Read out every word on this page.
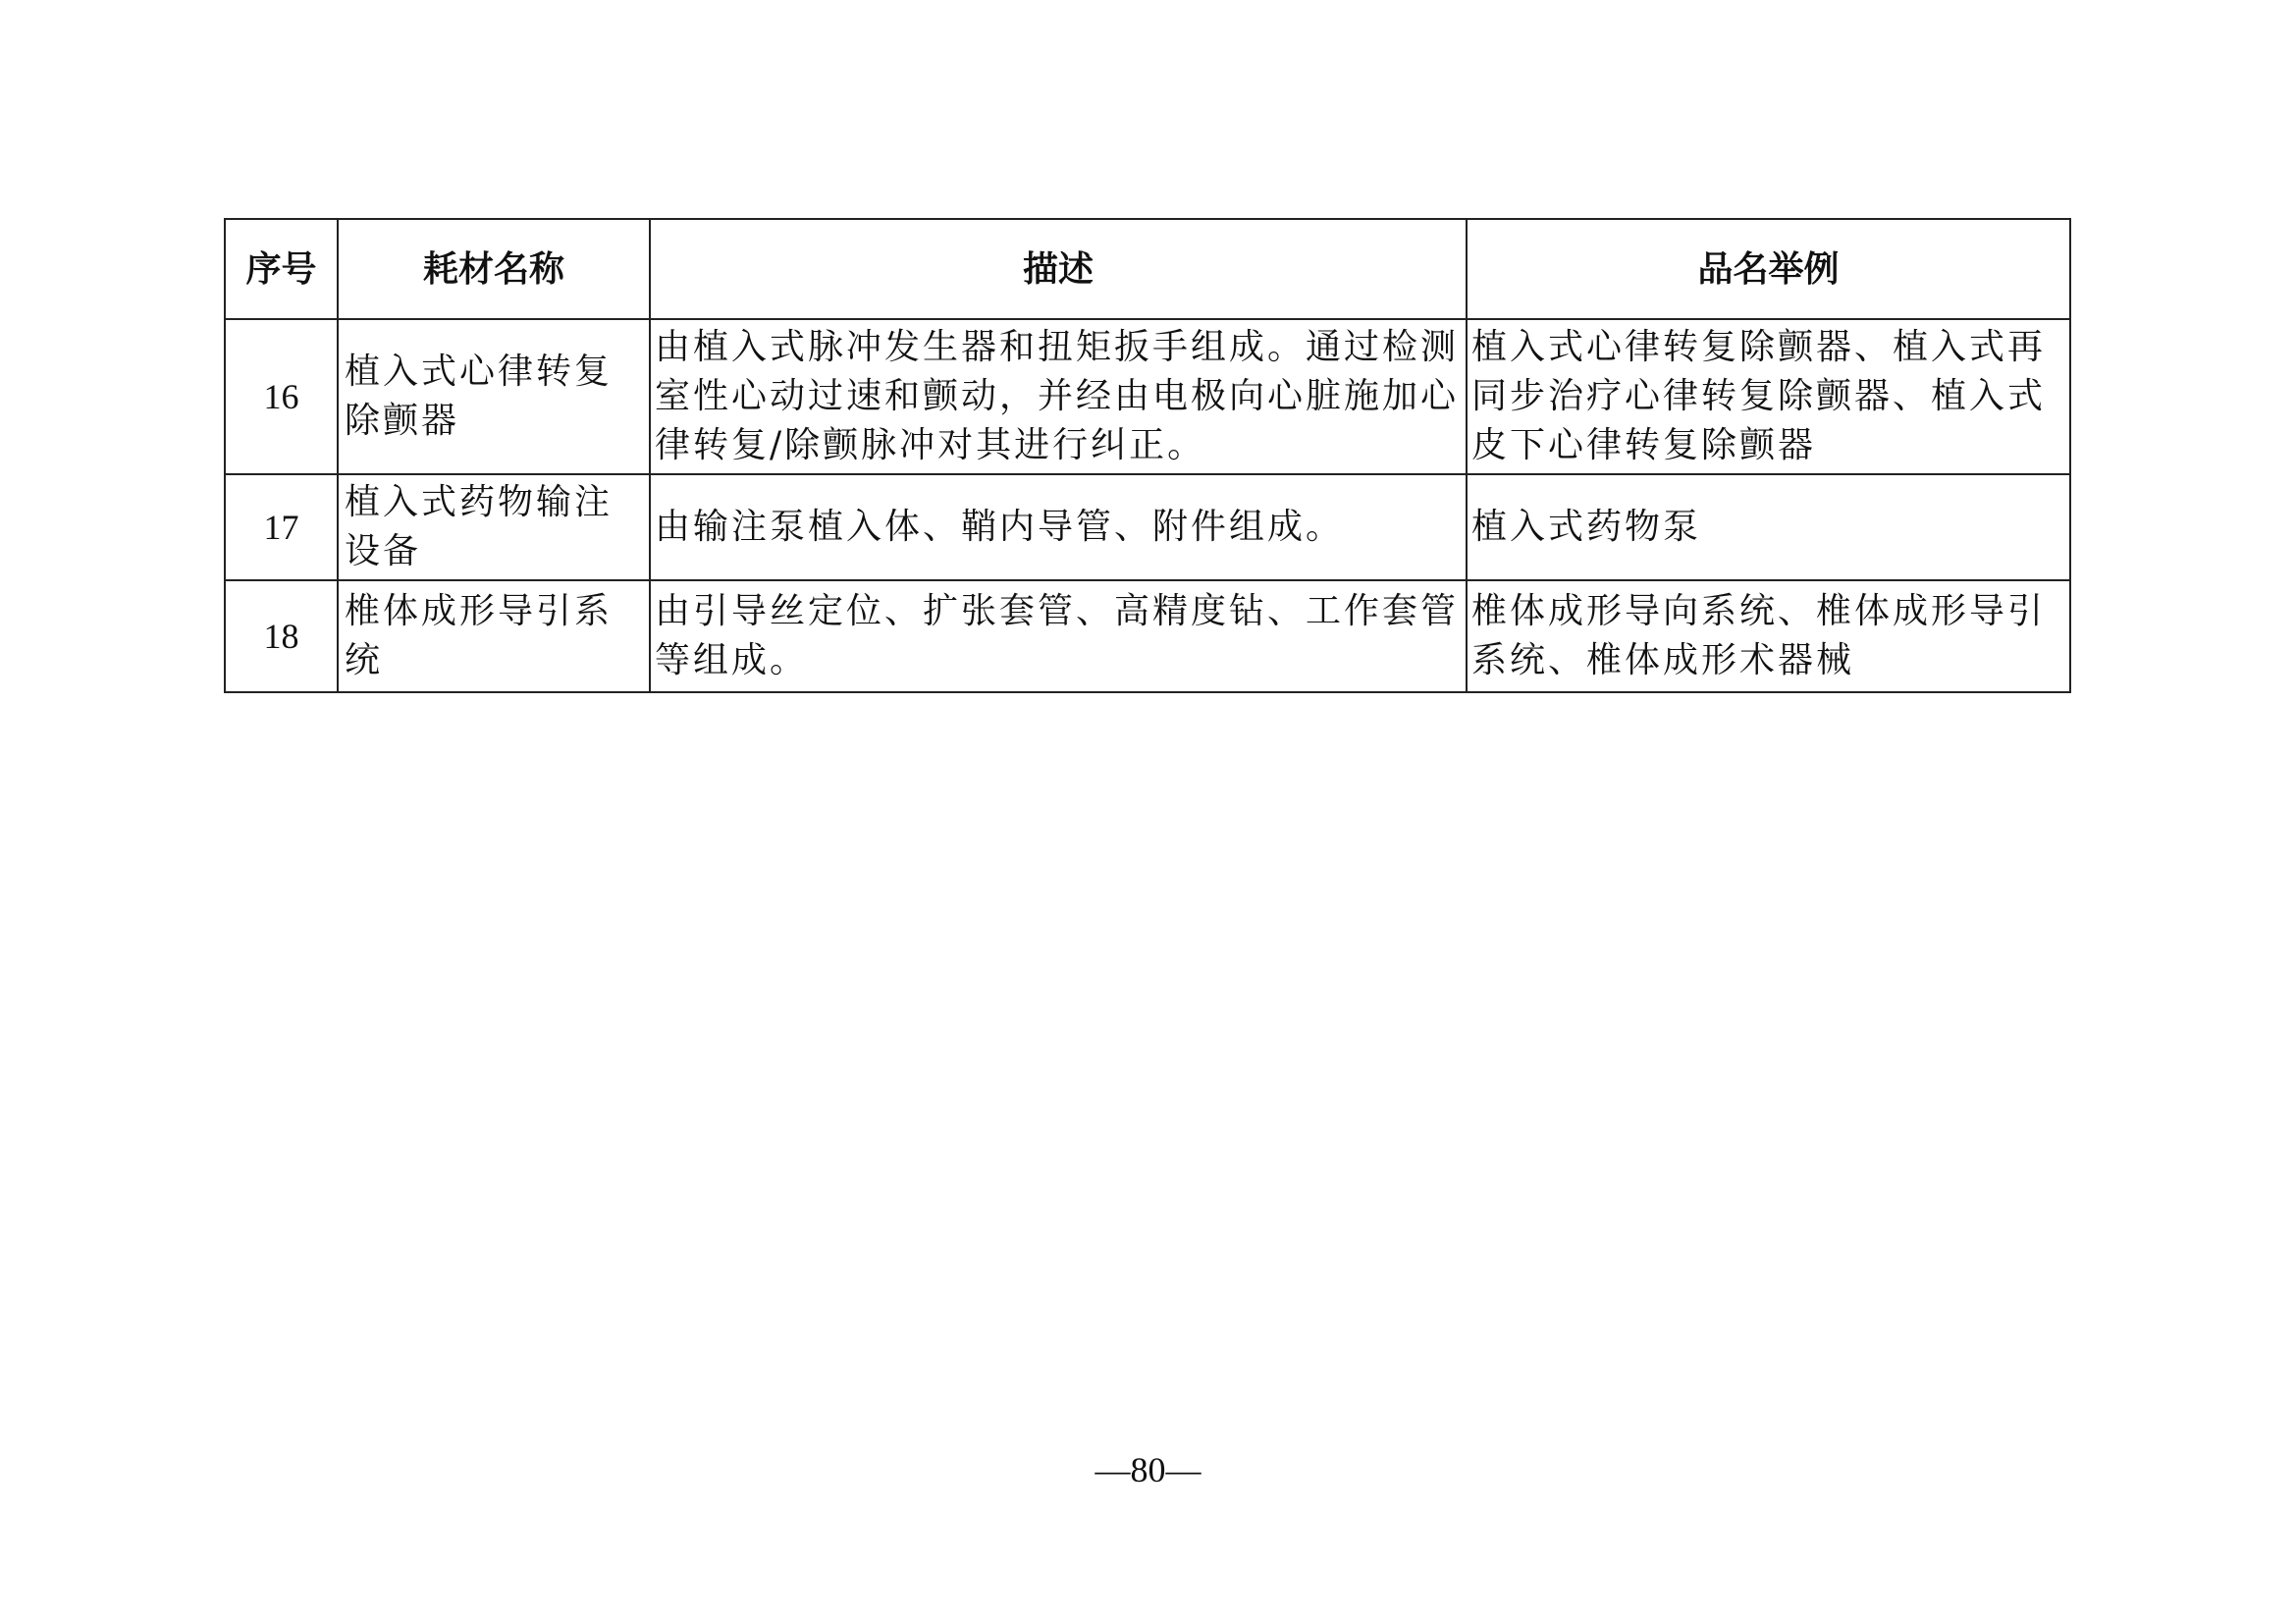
序号	耗材名称	描述	品名举例
16	植入式心律转复除颤器	由植入式脉冲发生器和扭矩扳手组成。通过检测室性心动过速和颤动，并经由电极向心脏施加心律转复/除颤脉冲对其进行纠正。	植入式心律转复除颤器、植入式再同步治疗心律转复除颤器、植入式皮下心律转复除颤器
17	植入式药物输注设备	由输注泵植入体、鞘内导管、附件组成。	植入式药物泵
18	椎体成形导引系统	由引导丝定位、扩张套管、高精度钻、工作套管等组成。	椎体成形导向系统、椎体成形导引系统、椎体成形术器械
—80—
